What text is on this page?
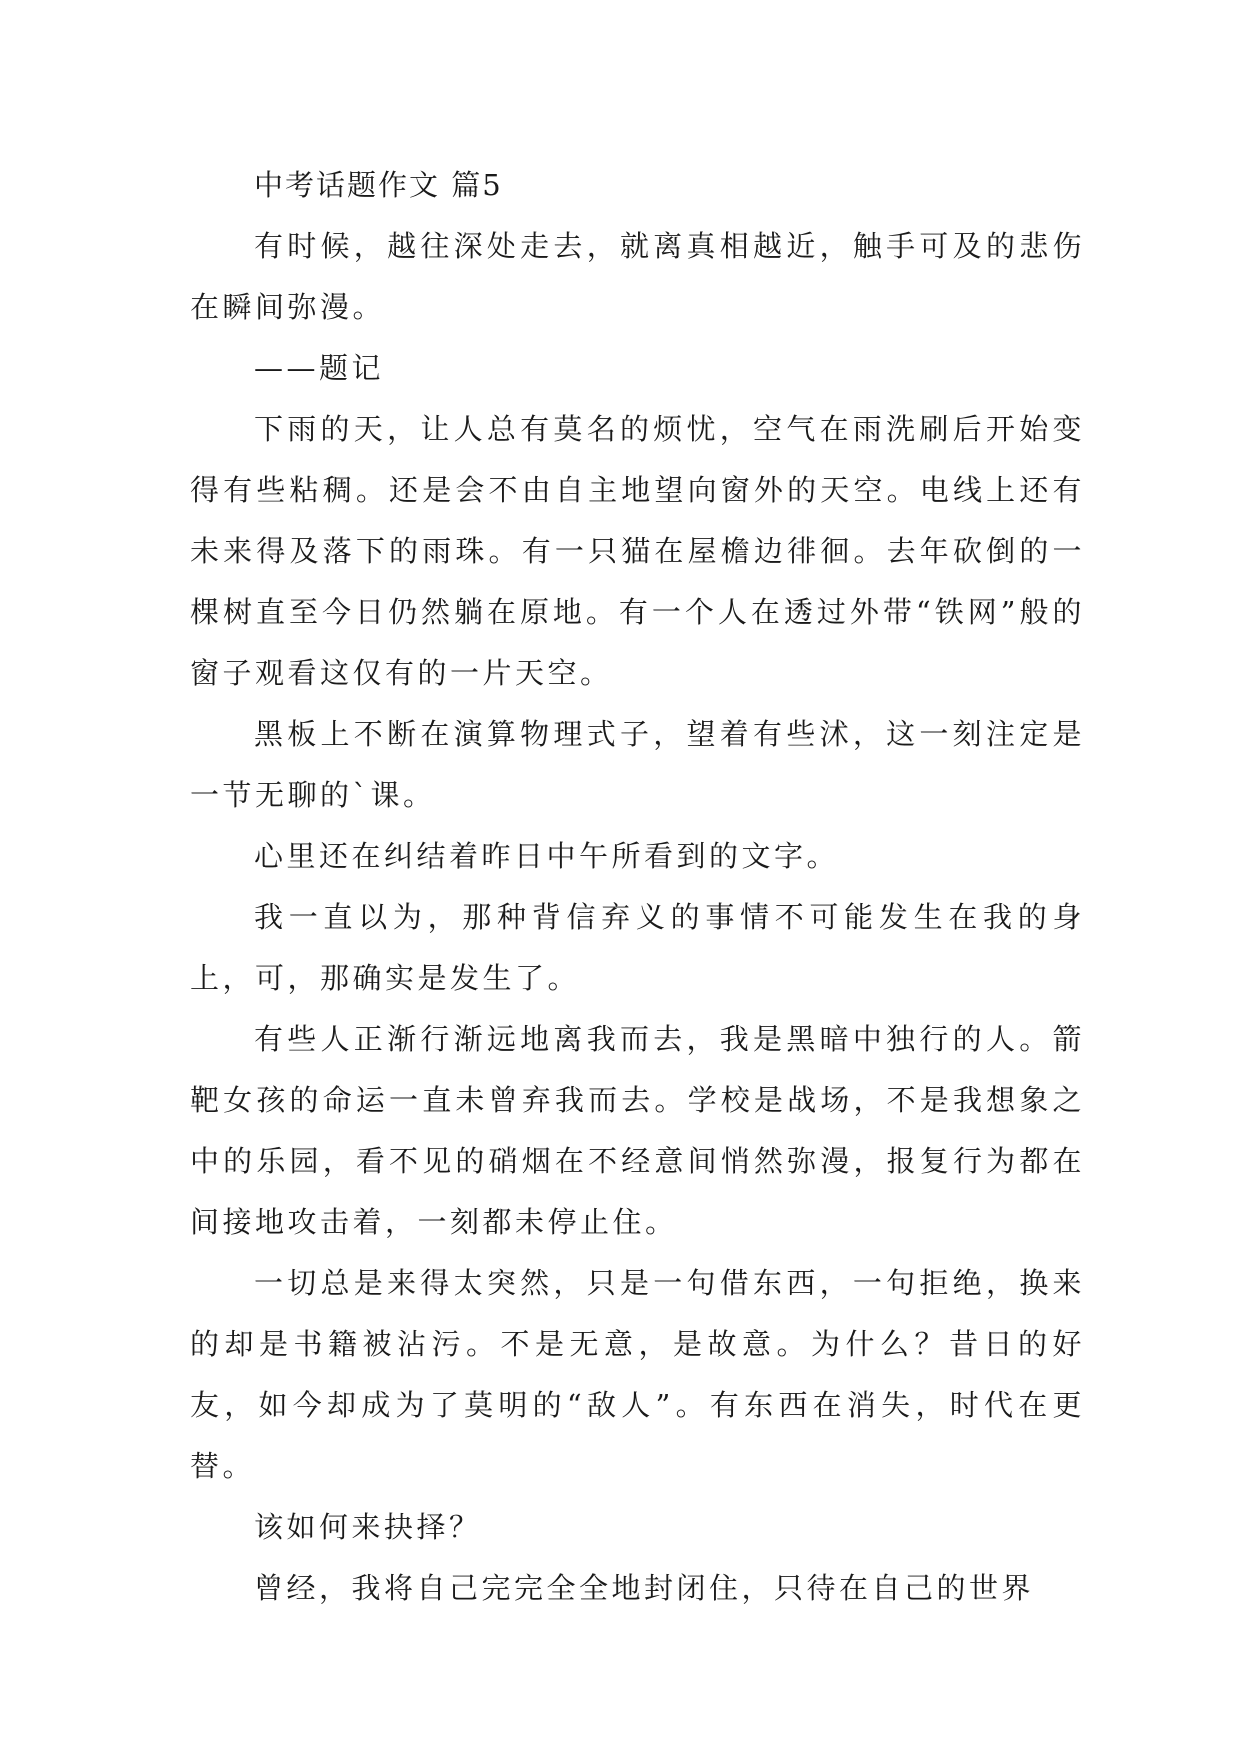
中考话题作文 篇5

有时候，越往深处走去，就离真相越近，触手可及的悲伤在瞬间弥漫。

——题记

下雨的天，让人总有莫名的烦忧，空气在雨洗刷后开始变得有些粘稠。还是会不由自主地望向窗外的天空。电线上还有未来得及落下的雨珠。有一只猫在屋檐边徘徊。去年砍倒的一棵树直至今日仍然躺在原地。有一个人在透过外带“铁网”般的窗子观看这仅有的一片天空。

黑板上不断在演算物理式子，望着有些沭，这一刻注定是一节无聊的`课。

心里还在纠结着昨日中午所看到的文字。

我一直以为，那种背信弃义的事情不可能发生在我的身上，可，那确实是发生了。

有些人正渐行渐远地离我而去，我是黑暗中独行的人。箭靶女孩的命运一直未曾弃我而去。学校是战场，不是我想象之中的乐园，看不见的硝烟在不经意间悄然弥漫，报复行为都在间接地攻击着，一刻都未停止住。

一切总是来得太突然，只是一句借东西，一句拒绝，换来的却是书籍被沾污。不是无意，是故意。为什么？昔日的好友，如今却成为了莫明的“敌人”。有东西在消失，时代在更替。

该如何来抉择？

曾经，我将自己完完全全地封闭住，只待在自己的世界
